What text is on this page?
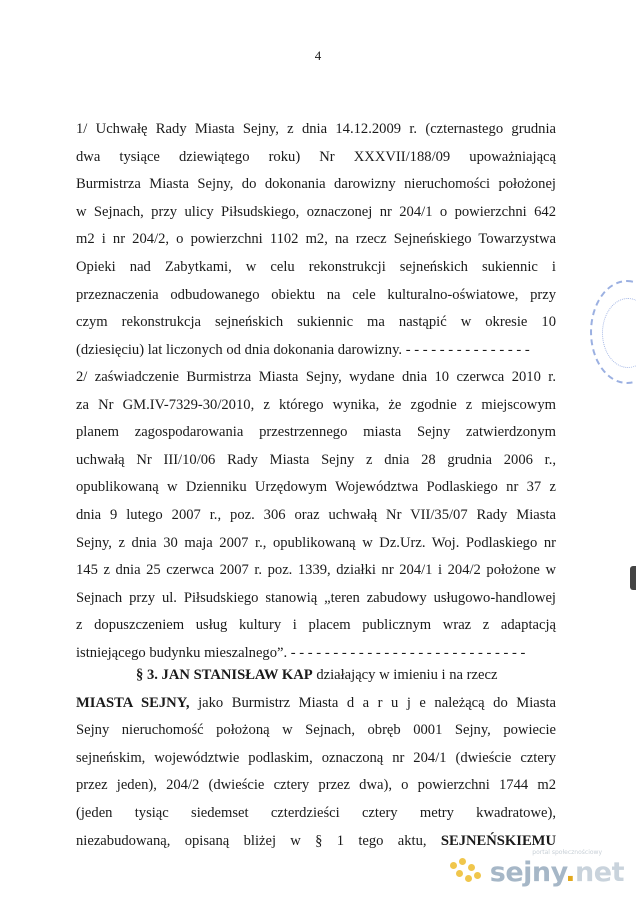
4
1/ Uchwałę Rady Miasta Sejny, z dnia 14.12.2009 r. (czternastego grudnia
dwa tysiące dziewiątego roku) Nr XXXVII/188/09 upoważniającą
Burmistrza Miasta Sejny, do dokonania darowizny nieruchomości położonej
w Sejnach, przy ulicy Piłsudskiego, oznaczonej nr 204/1 o powierzchni 642
m2 i nr 204/2, o powierzchni 1102 m2, na rzecz Sejneńskiego Towarzystwa
Opieki nad Zabytkami, w celu rekonstrukcji sejneńskich sukiennic i
przeznaczenia odbudowanego obiektu na cele kulturalno-oświatowe, przy
czym rekonstrukcja sejneńskich sukiennic ma nastąpić w okresie 10
(dziesięciu) lat liczonych od dnia dokonania darowizny. - - - - - - - - - - - - - - -
2/ zaświadczenie Burmistrza Miasta Sejny, wydane dnia 10 czerwca 2010 r.
za Nr GM.IV-7329-30/2010, z którego wynika, że zgodnie z miejscowym
planem zagospodarowania przestrzennego miasta Sejny zatwierdzonym
uchwałą Nr III/10/06 Rady Miasta Sejny z dnia 28 grudnia 2006 r.,
opublikowaną w Dzienniku Urzędowym Województwa Podlaskiego nr 37 z
dnia 9 lutego 2007 r., poz. 306 oraz uchwałą Nr VII/35/07 Rady Miasta
Sejny, z dnia 30 maja 2007 r., opublikowaną w Dz.Urz. Woj. Podlaskiego nr
145 z dnia 25 czerwca 2007 r. poz. 1339, działki nr 204/1 i 204/2 położone w
Sejnach przy ul. Piłsudskiego stanowią „teren zabudowy usługowo-handlowej
z dopuszczeniem usług kultury i placem publicznym wraz z adaptacją
istniejącego budynku mieszalnego”. - - - - - - - - - - - - - - - - - - - - - - - - - - - -
§ 3. JAN STANISŁAW KAP działający w imieniu i na rzecz
MIASTA SEJNY, jako Burmistrz Miasta d a r u j e należącą do Miasta
Sejny nieruchomość położoną w Sejnach, obręb 0001 Sejny, powiecie
sejneńskim, województwie podlaskim, oznaczoną nr 204/1 (dwieście cztery
przez jeden), 204/2 (dwieście cztery przez dwa), o powierzchni 1744 m2
(jeden tysiąc siedemset czterdzieści cztery metry kwadratowe),
niezabudowaną, opisaną bliżej w § 1 tego aktu, SEJNEŃSKIEMU
portal społecznościowy
sejny.net
